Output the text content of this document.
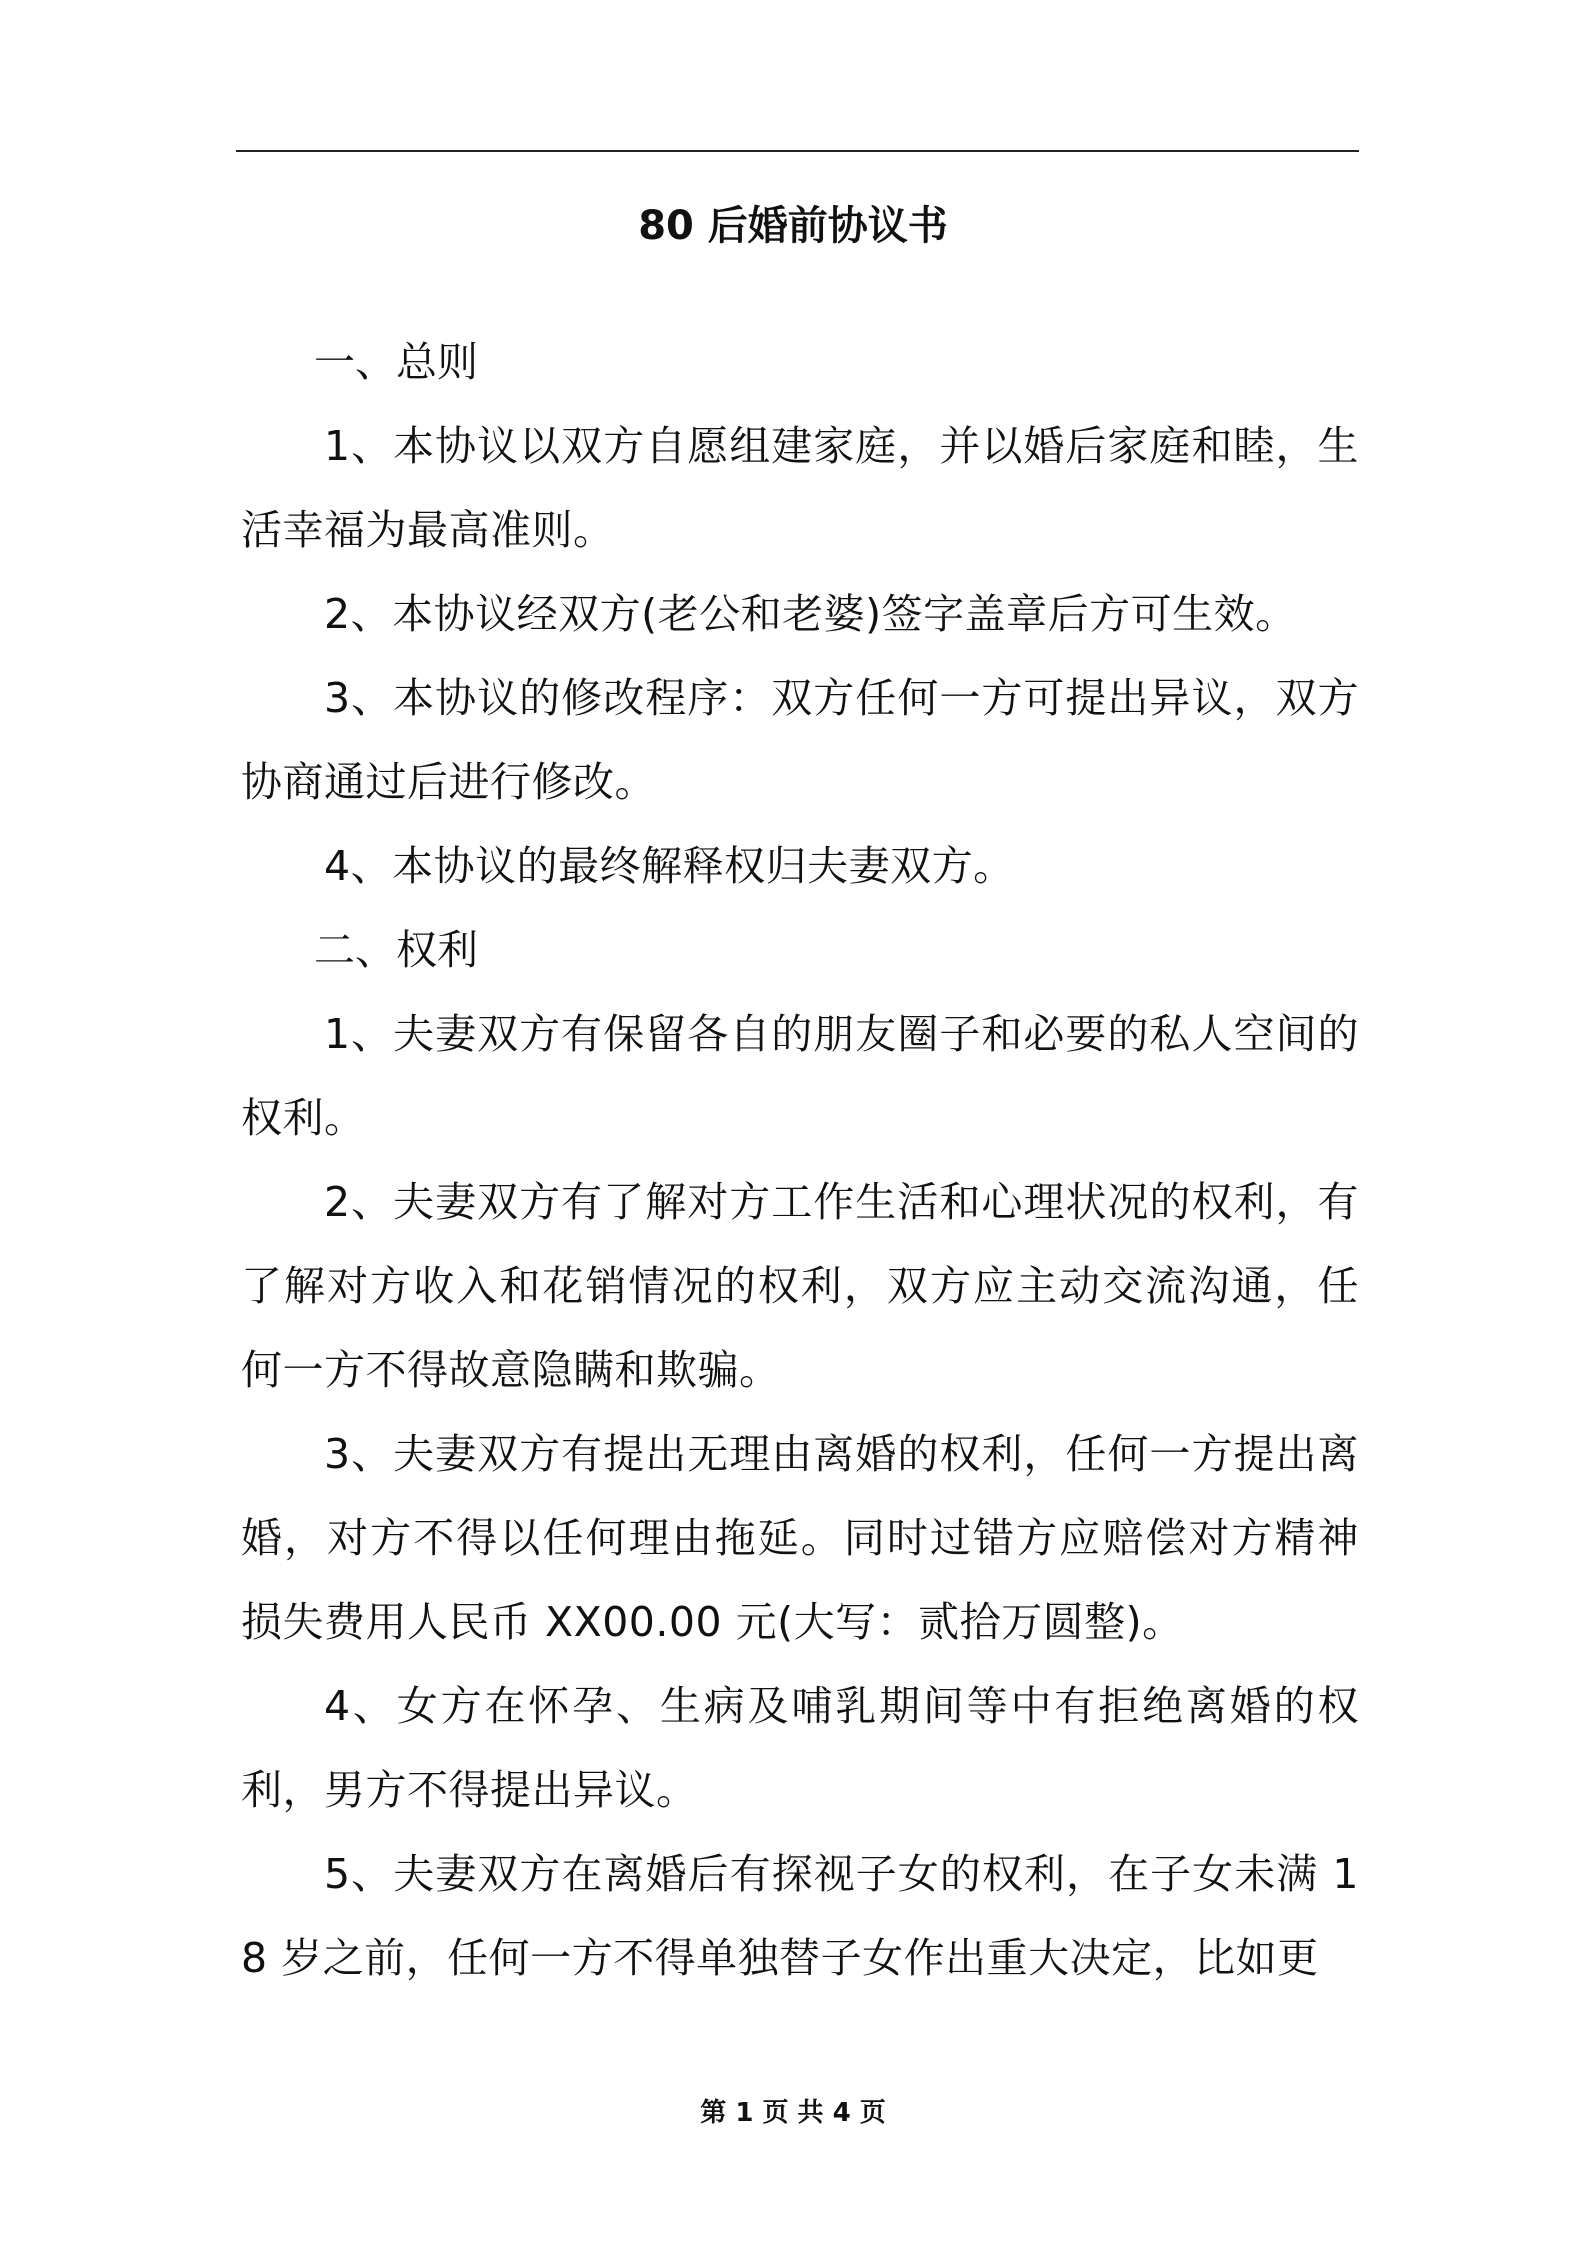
80 后婚前协议书

一、总则

1、本协议以双方自愿组建家庭，并以婚后家庭和睦，生活幸福为最高准则。

2、本协议经双方(老公和老婆)签字盖章后方可生效。

3、本协议的修改程序：双方任何一方可提出异议，双方协商通过后进行修改。

4、本协议的最终解释权归夫妻双方。

二、权利

1、夫妻双方有保留各自的朋友圈子和必要的私人空间的权利。

2、夫妻双方有了解对方工作生活和心理状况的权利，有了解对方收入和花销情况的权利，双方应主动交流沟通，任何一方不得故意隐瞒和欺骗。

3、夫妻双方有提出无理由离婚的权利，任何一方提出离婚，对方不得以任何理由拖延。同时过错方应赔偿对方精神损失费用人民币 XX00.00 元(大写：贰拾万圆整)。

4、女方在怀孕、生病及哺乳期间等中有拒绝离婚的权利，男方不得提出异议。

5、夫妻双方在离婚后有探视子女的权利，在子女未满 18 岁之前，任何一方不得单独替子女作出重大决定，比如更

第 1 页 共 4 页
